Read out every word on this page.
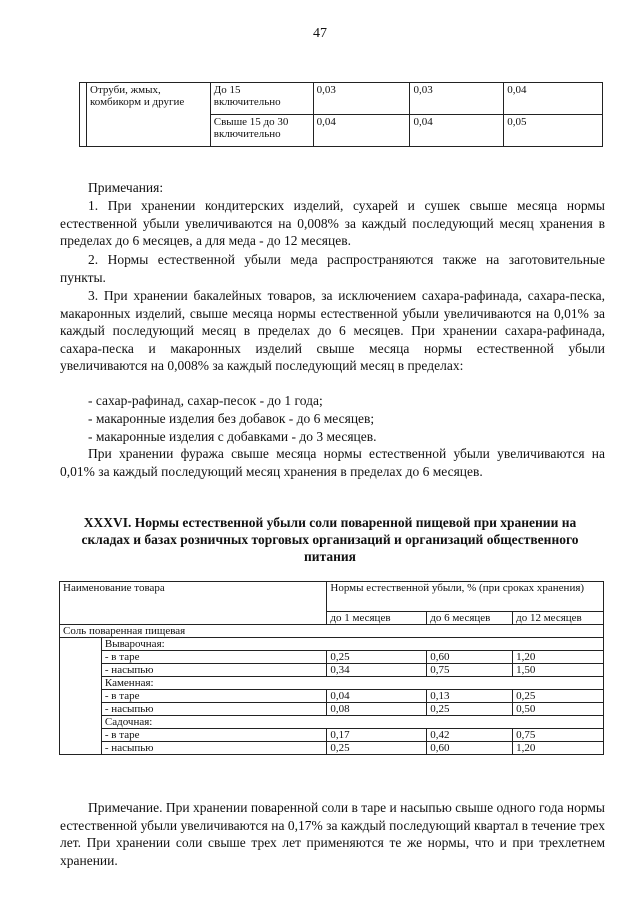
47
	Отруби, жмых, комбикорм и другие	До 15 включительно	0,03	0,03	0,04
		Свыше 15 до 30 включительно	0,04	0,04	0,05
Примечания:
1. При хранении кондитерских изделий, сухарей и сушек свыше месяца нормы естественной убыли увеличиваются на 0,008% за каждый последующий месяц хранения в пределах до 6 месяцев, а для меда - до 12 месяцев.
2. Нормы естественной убыли меда распространяются также на заготовительные пункты.
3. При хранении бакалейных товаров, за исключением сахара-рафинада, сахара-песка, макаронных изделий, свыше месяца нормы естественной убыли увеличиваются на 0,01% за каждый последующий месяц в пределах до 6 месяцев. При хранении сахара-рафинада, сахара-песка и макаронных изделий свыше месяца нормы естественной убыли увеличиваются на 0,008% за каждый последующий месяц в пределах:
- сахар-рафинад, сахар-песок - до 1 года;
- макаронные изделия без добавок - до 6 месяцев;
- макаронные изделия с добавками - до 3 месяцев.
При хранении фуража свыше месяца нормы естественной убыли увеличиваются на 0,01% за каждый последующий месяц хранения в пределах до 6 месяцев.
XXXVI. Нормы естественной убыли соли поваренной пищевой при хранении на складах и базах розничных торговых организаций и организаций общественного питания
Наименование товара		Нормы естественной убыли, % (при сроках хранения)		
		до 1 месяцев	до 6 месяцев	до 12 месяцев
Соль поваренная пищевая				
	Выварочная:			
	- в таре	0,25	0,60	1,20
	- насыпью	0,34	0,75	1,50
	Каменная:			
	- в таре	0,04	0,13	0,25
	- насыпью	0,08	0,25	0,50
	Садочная:			
	- в таре	0,17	0,42	0,75
	- насыпью	0,25	0,60	1,20
Примечание. При хранении поваренной соли в таре и насыпью свыше одного года нормы естественной убыли увеличиваются на 0,17% за каждый последующий квартал в течение трех лет. При хранении соли свыше трех лет применяются те же нормы, что и при трехлетнем хранении.
